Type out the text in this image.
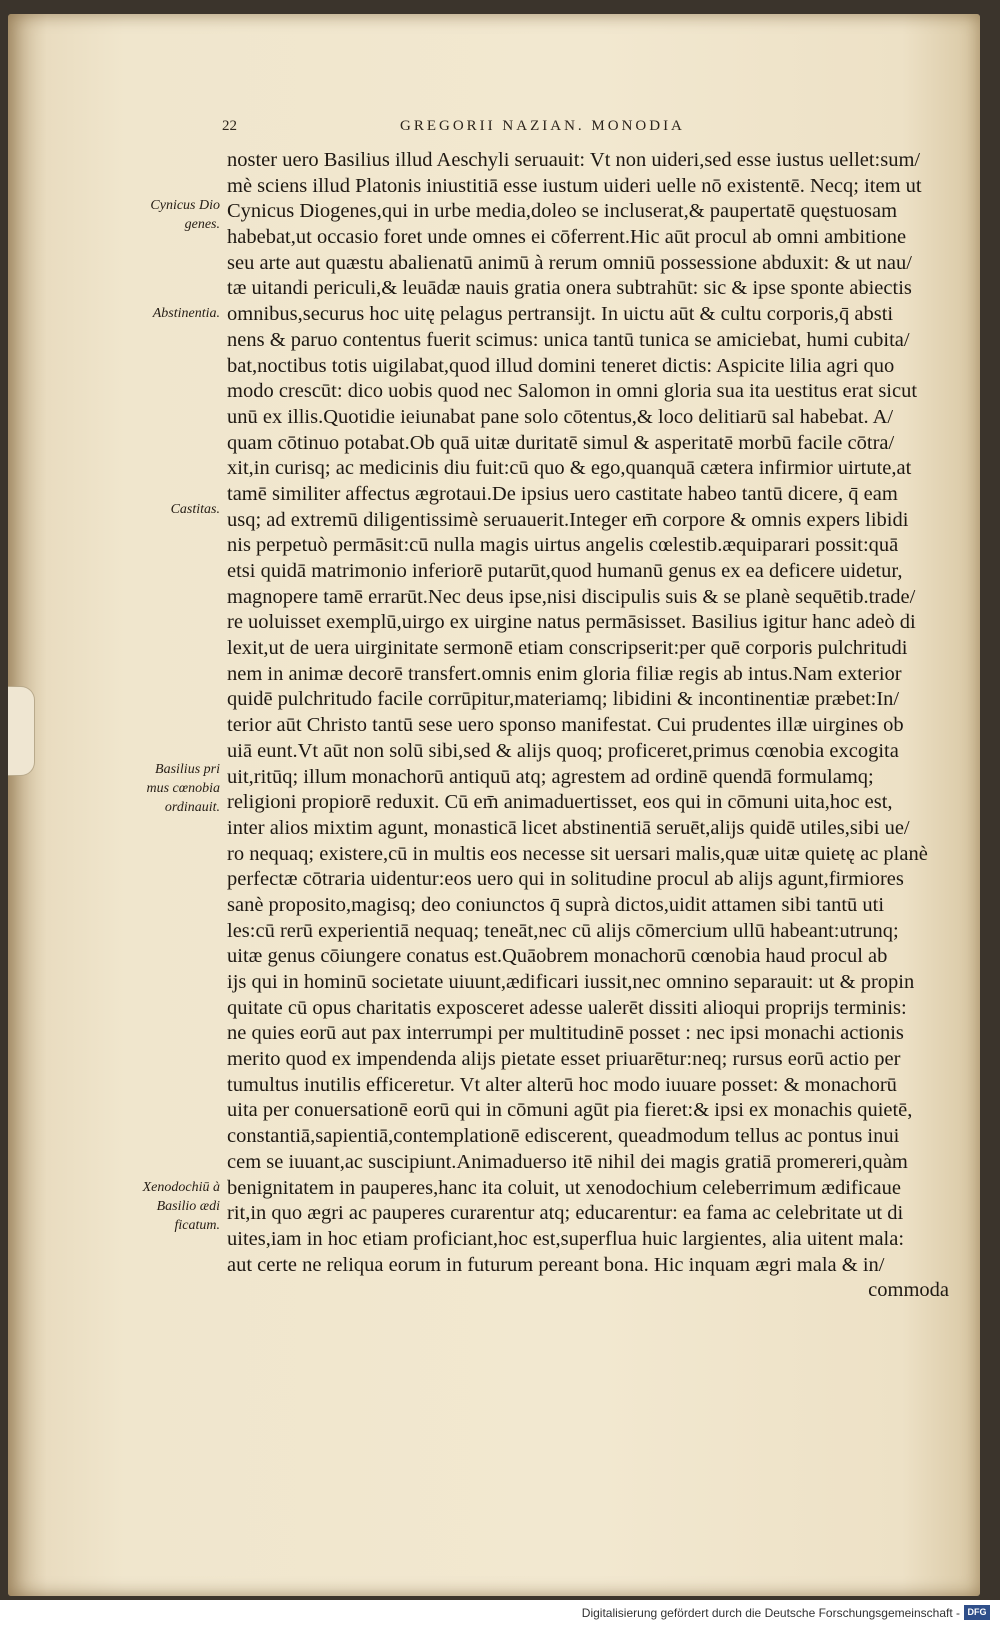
22	GREGORII NAZIAN. MONODIA
noster uero Basilius illud Aeschyli seruauit: Vt non uideri,sed esse iustus uellet:sum/
mè sciens illud Platonis iniustitiā esse iustum uideri uelle nō existentē. Necq; item ut
Cynicus Diogenes,qui in urbe media,doleo se incluserat,& paupertatē quęstuosam
habebat,ut occasio foret unde omnes ei cōferrent.Hic aūt procul ab omni ambitione
seu arte aut quæstu abalienatū animū à rerum omniū possessione abduxit: & ut nau/
tæ uitandi periculi,& leuādæ nauis gratia onera subtrahūt: sic & ipse sponte abiectis
omnibus,securus hoc uitę pelagus pertransijt. In uictu aūt & cultu corporis,q̄ absti
nens & paruo contentus fuerit scimus: unica tantū tunica se amiciebat, humi cubita/
bat,noctibus totis uigilabat,quod illud domini teneret dictis: Aspicite lilia agri quo
modo crescūt: dico uobis quod nec Salomon in omni gloria sua ita uestitus erat sicut
unū ex illis.Quotidie ieiunabat pane solo cōtentus,& loco delitiarū sal habebat. A/
quam cōtinuo potabat.Ob quā uitæ duritatē simul & asperitatē morbū facile cōtra/
xit,in curisq; ac medicinis diu fuit:cū quo & ego,quanquā cætera infirmior uirtute,at
tamē similiter affectus ægrotaui.De ipsius uero castitate habeo tantū dicere, q̄ eam
usq; ad extremū diligentissimè seruauerit.Integer em̄ corpore & omnis expers libidi
nis perpetuò permāsit:cū nulla magis uirtus angelis cœlestib.æquiparari possit:quā
etsi quidā matrimonio inferiorē putarūt,quod humanū genus ex ea deficere uidetur,
magnopere tamē errarūt.Nec deus ipse,nisi discipulis suis & se planè sequētib.trade/
re uoluisset exemplū,uirgo ex uirgine natus permāsisset. Basilius igitur hanc adeò di
lexit,ut de uera uirginitate sermonē etiam conscripserit:per quē corporis pulchritudi
nem in animæ decorē transfert.omnis enim gloria filiæ regis ab intus.Nam exterior
quidē pulchritudo facile corrūpitur,materiamq; libidini & incontinentiæ præbet:In/
terior aūt Christo tantū sese uero sponso manifestat. Cui prudentes illæ uirgines ob
uiā eunt.Vt aūt non solū sibi,sed & alijs quoq; proficeret,primus cœnobia excogita
uit,ritūq; illum monachorū antiquū atq; agrestem ad ordinē quendā formulamq;
religioni propiorē reduxit. Cū em̄ animaduertisset, eos qui in cōmuni uita,hoc est,
inter alios mixtim agunt, monasticā licet abstinentiā seruēt,alijs quidē utiles,sibi ue/
ro nequaq; existere,cū in multis eos necesse sit uersari malis,quæ uitæ quietę ac planè
perfectæ cōtraria uidentur:eos uero qui in solitudine procul ab alijs agunt,firmiores
sanè proposito,magisq; deo coniunctos q̄ suprà dictos,uidit attamen sibi tantū uti
les:cū rerū experientiā nequaq; teneāt,nec cū alijs cōmercium ullū habeant:utrunq;
uitæ genus cōiungere conatus est.Quāobrem monachorū cœnobia haud procul ab
ijs qui in hominū societate uiuunt,ædificari iussit,nec omnino separauit: ut & propin
quitate cū opus charitatis exposceret adesse ualerēt dissiti alioqui proprijs terminis:
ne quies eorū aut pax interrumpi per multitudinē posset : nec ipsi monachi actionis
merito quod ex impendenda alijs pietate esset priuarētur:neq; rursus eorū actio per
tumultus inutilis efficeretur. Vt alter alterū hoc modo iuuare posset: & monachorū
uita per conuersationē eorū qui in cōmuni agūt pia fieret:& ipsi ex monachis quietē,
constantiā,sapientiā,contemplationē ediscerent, queadmodum tellus ac pontus inui
cem se iuuant,ac suscipiunt.Animaduerso itē nihil dei magis gratiā promereri,quàm
benignitatem in pauperes,hanc ita coluit, ut xenodochium celeberrimum ædificaue
rit,in quo ægri ac pauperes curarentur atq; educarentur: ea fama ac celebritate ut di
uites,iam in hoc etiam proficiant,hoc est,superflua huic largientes, alia uitent mala:
aut certe ne reliqua eorum in futurum pereant bona. Hic inquam ægri mala & in/
commoda
Cynicus Dio genes.
Abstinentia.
Castitas.
Basilius pri mus cœnobia ordinauit.
Xenodochiū à Basilio ædi ficatum.
Digitalisierung gefördert durch die Deutsche Forschungsgemeinschaft - DFG
